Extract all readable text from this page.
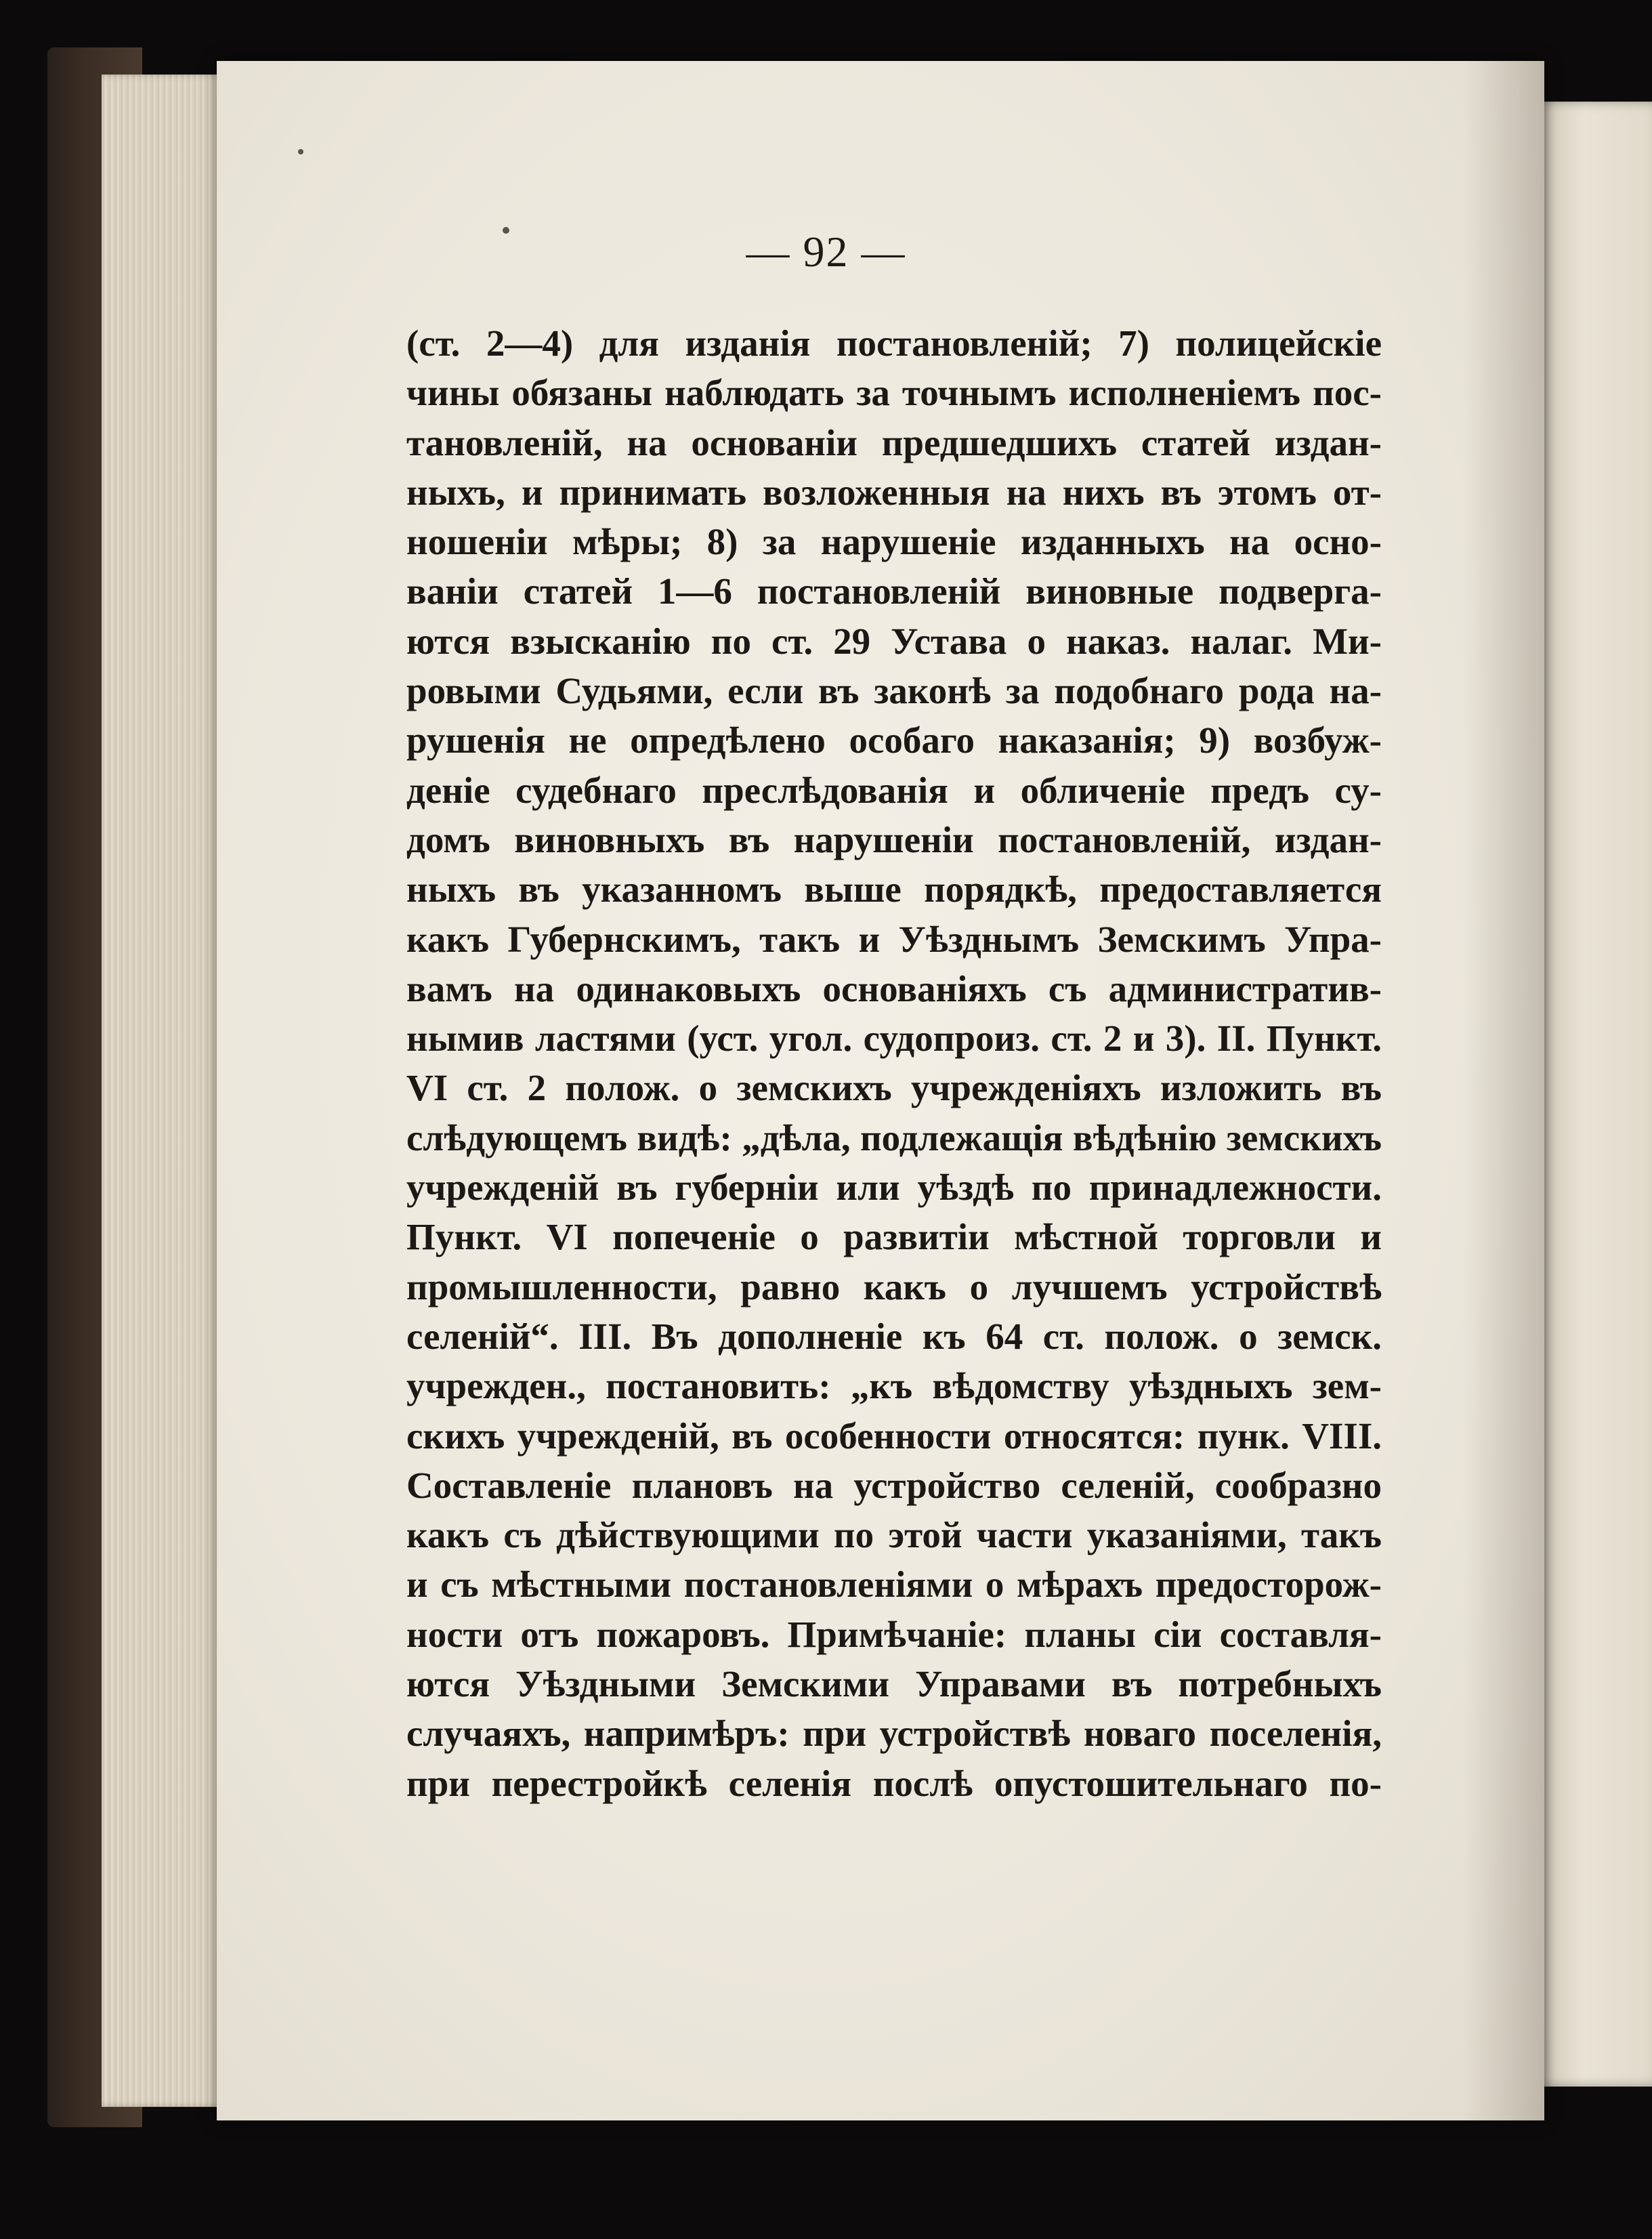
— 92 —
(ст. 2—4) для изданія постановленій; 7) полицейскіе
чины обязаны наблюдать за точнымъ исполненіемъ пос-
тановленій, на основаніи предшедшихъ статей издан-
ныхъ, и принимать возложенныя на нихъ въ этомъ от-
ношеніи мѣры; 8) за нарушеніе изданныхъ на осно-
ваніи статей 1—6 постановленій виновные подверга-
ются взысканію по ст. 29 Устава о наказ. налаг. Ми-
ровыми Судьями, если въ законѣ за подобнаго рода на-
рушенія не опредѣлено особаго наказанія; 9) возбуж-
деніе судебнаго преслѣдованія и обличеніе предъ су-
домъ виновныхъ въ нарушеніи постановленій, издан-
ныхъ въ указанномъ выше порядкѣ, предоставляется
какъ Губернскимъ, такъ и Уѣзднымъ Земскимъ Упра-
вамъ на одинаковыхъ основаніяхъ съ административ-
нымив ластями (уст. угол. судопроиз. ст. 2 и 3). II. Пункт.
VI ст. 2 полож. о земскихъ учрежденіяхъ изложить въ
слѣдующемъ видѣ: „дѣла, подлежащія вѣдѣнію земскихъ
учрежденій въ губерніи или уѣздѣ по принадлежности.
Пункт. VI попеченіе о развитіи мѣстной торговли и
промышленности, равно какъ о лучшемъ устройствѣ
селеній“. III. Въ дополненіе къ 64 ст. полож. о земск.
учрежден., постановить: „къ вѣдомству уѣздныхъ зем-
скихъ учрежденій, въ особенности относятся: пунк. VIII.
Составленіе плановъ на устройство селеній, сообразно
какъ съ дѣйствующими по этой части указаніями, такъ
и съ мѣстными постановленіями о мѣрахъ предосторож-
ности отъ пожаровъ. Примѣчаніе: планы сіи составля-
ются Уѣздными Земскими Управами въ потребныхъ
случаяхъ, напримѣръ: при устройствѣ новаго поселенія,
при перестройкѣ селенія послѣ опустошительнаго по-
